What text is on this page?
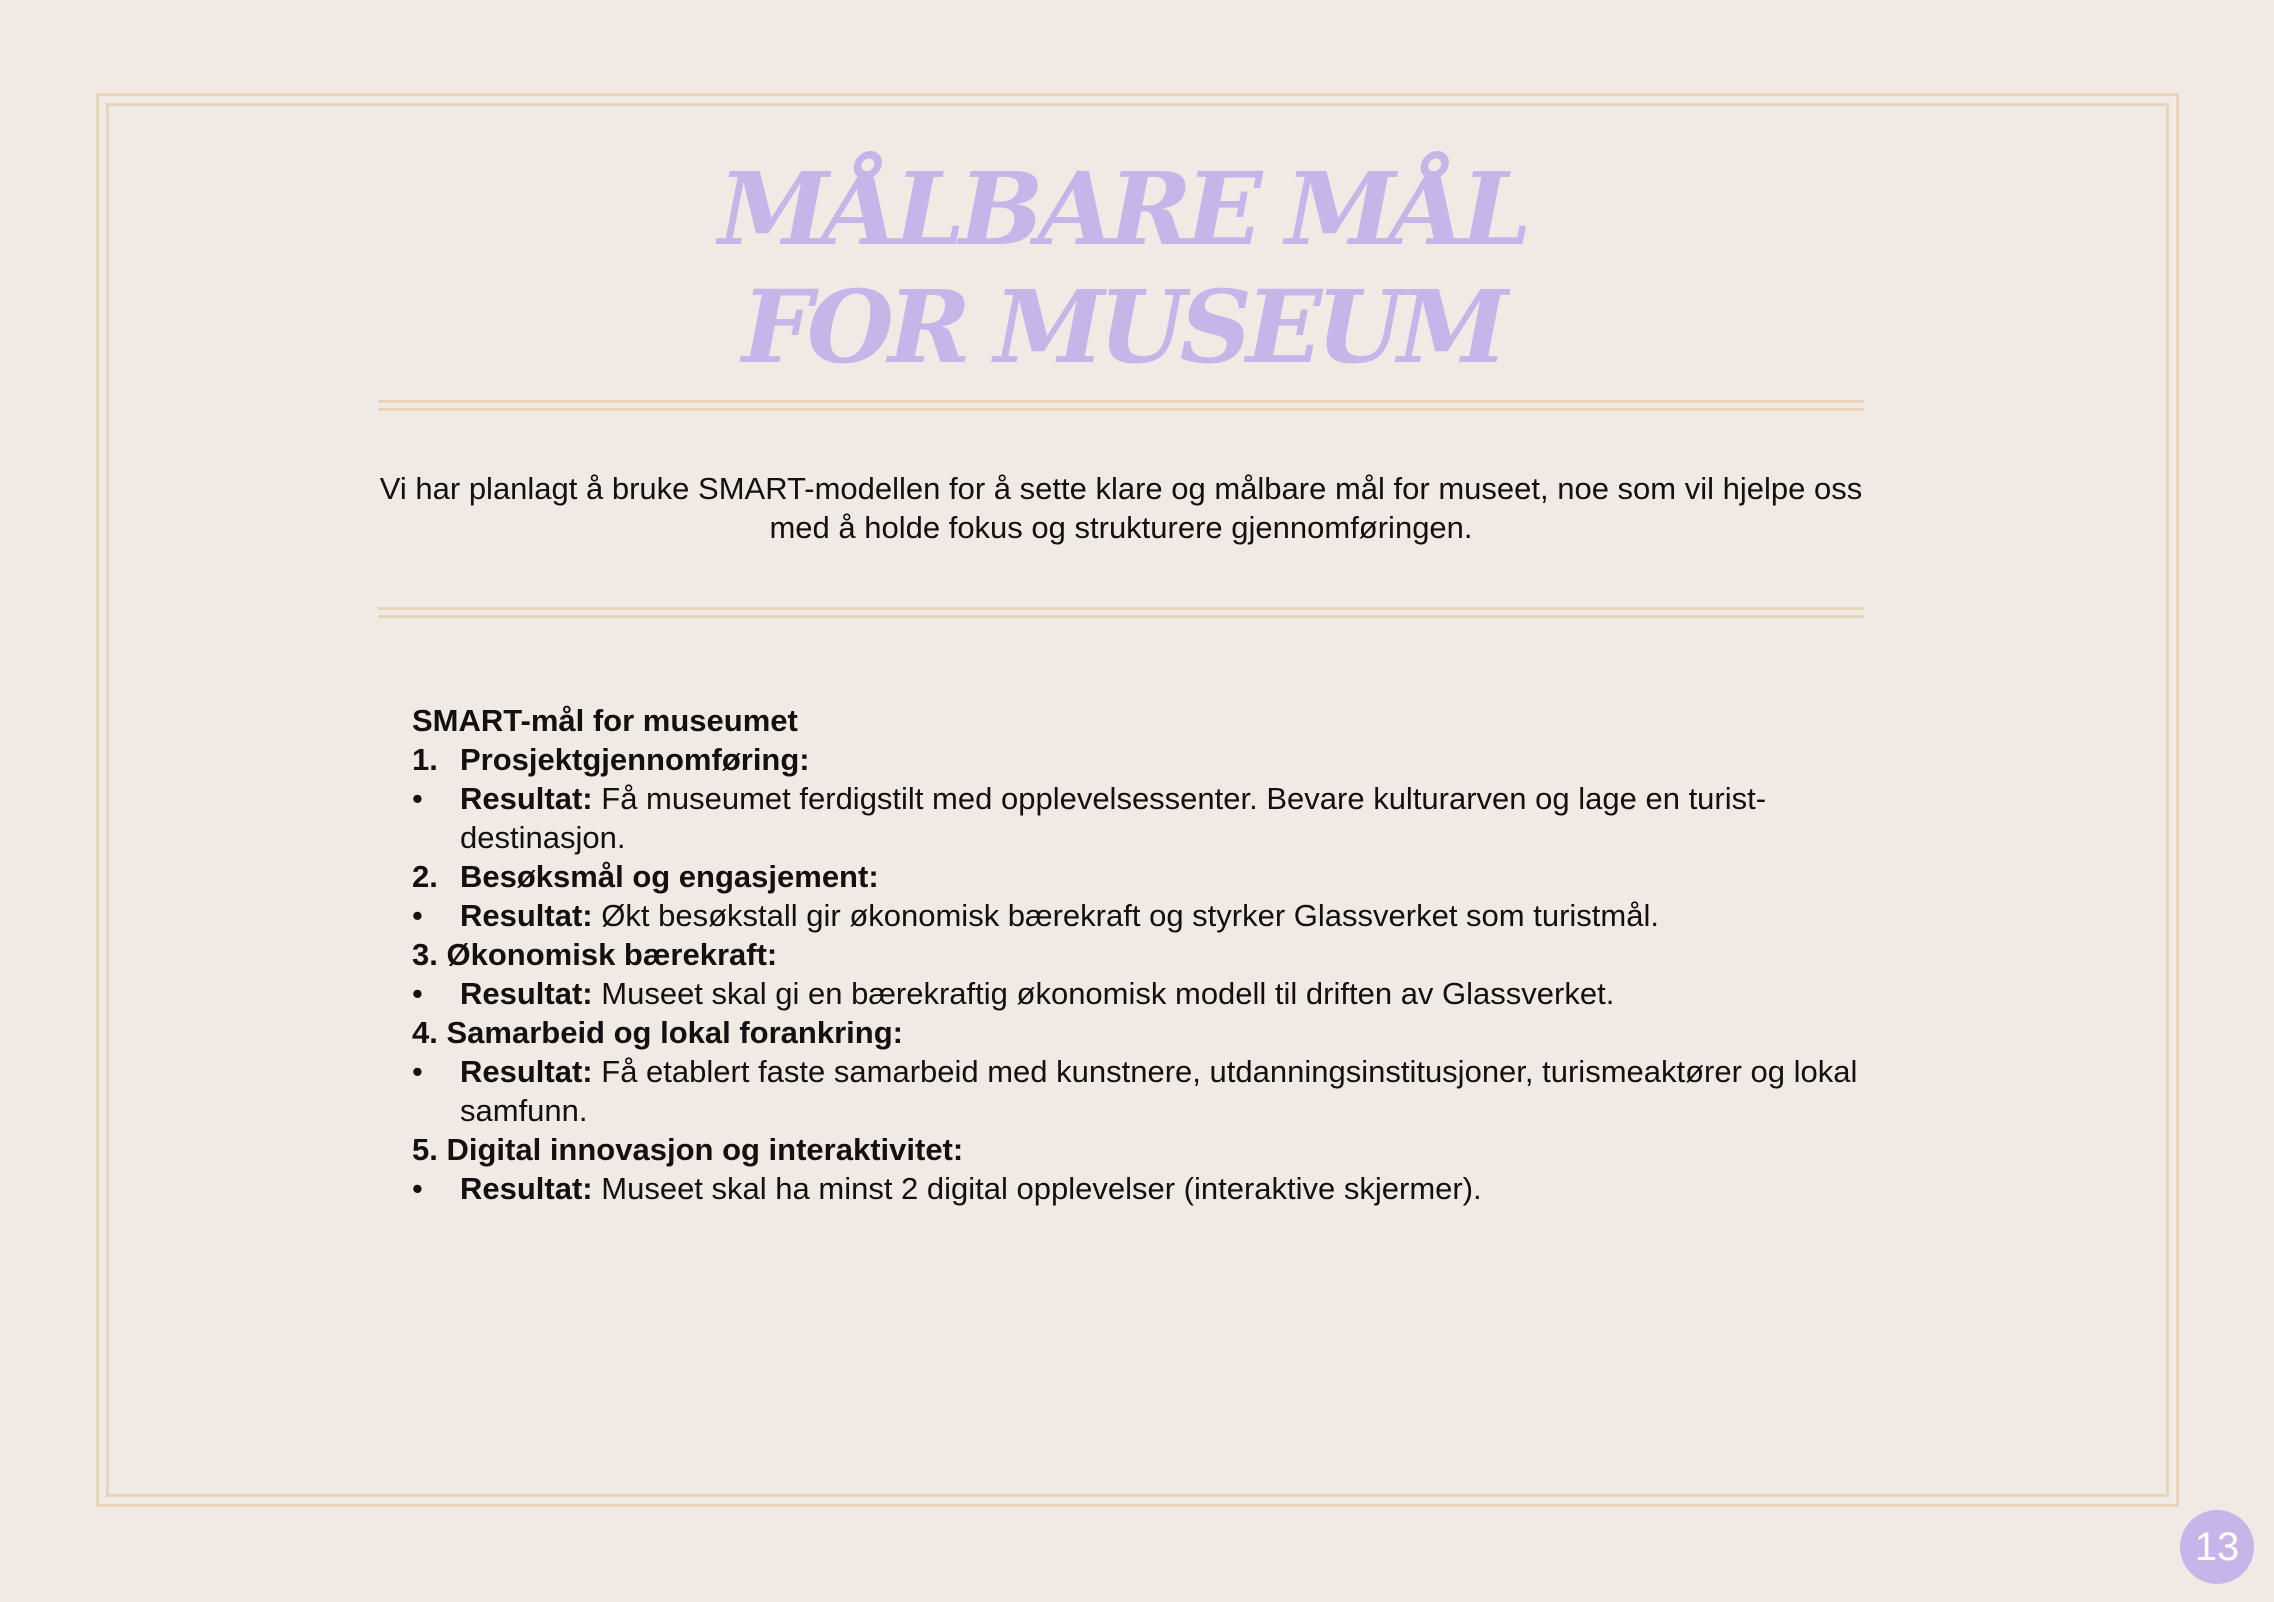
MÅLBARE MÅL
FOR MUSEUM

Vi har planlagt å bruke SMART-modellen for å sette klare og målbare mål for museet, noe som vil hjelpe oss med å holde fokus og strukturere gjennomføringen.

SMART-mål for museumet
1. Prosjektgjennomføring:
• Resultat: Få museumet ferdigstilt med opplevelsessenter. Bevare kulturarven og lage en turist-destinasjon.
2. Besøksmål og engasjement:
• Resultat: Økt besøkstall gir økonomisk bærekraft og styrker Glassverket som turistmål.
3. Økonomisk bærekraft:
• Resultat: Museet skal gi en bærekraftig økonomisk modell til driften av Glassverket.
4. Samarbeid og lokal forankring:
• Resultat: Få etablert faste samarbeid med kunstnere, utdanningsinstitusjoner, turismeaktører og lokal samfunn.
5. Digital innovasjon og interaktivitet:
• Resultat: Museet skal ha minst 2 digital opplevelser (interaktive skjermer).
13
